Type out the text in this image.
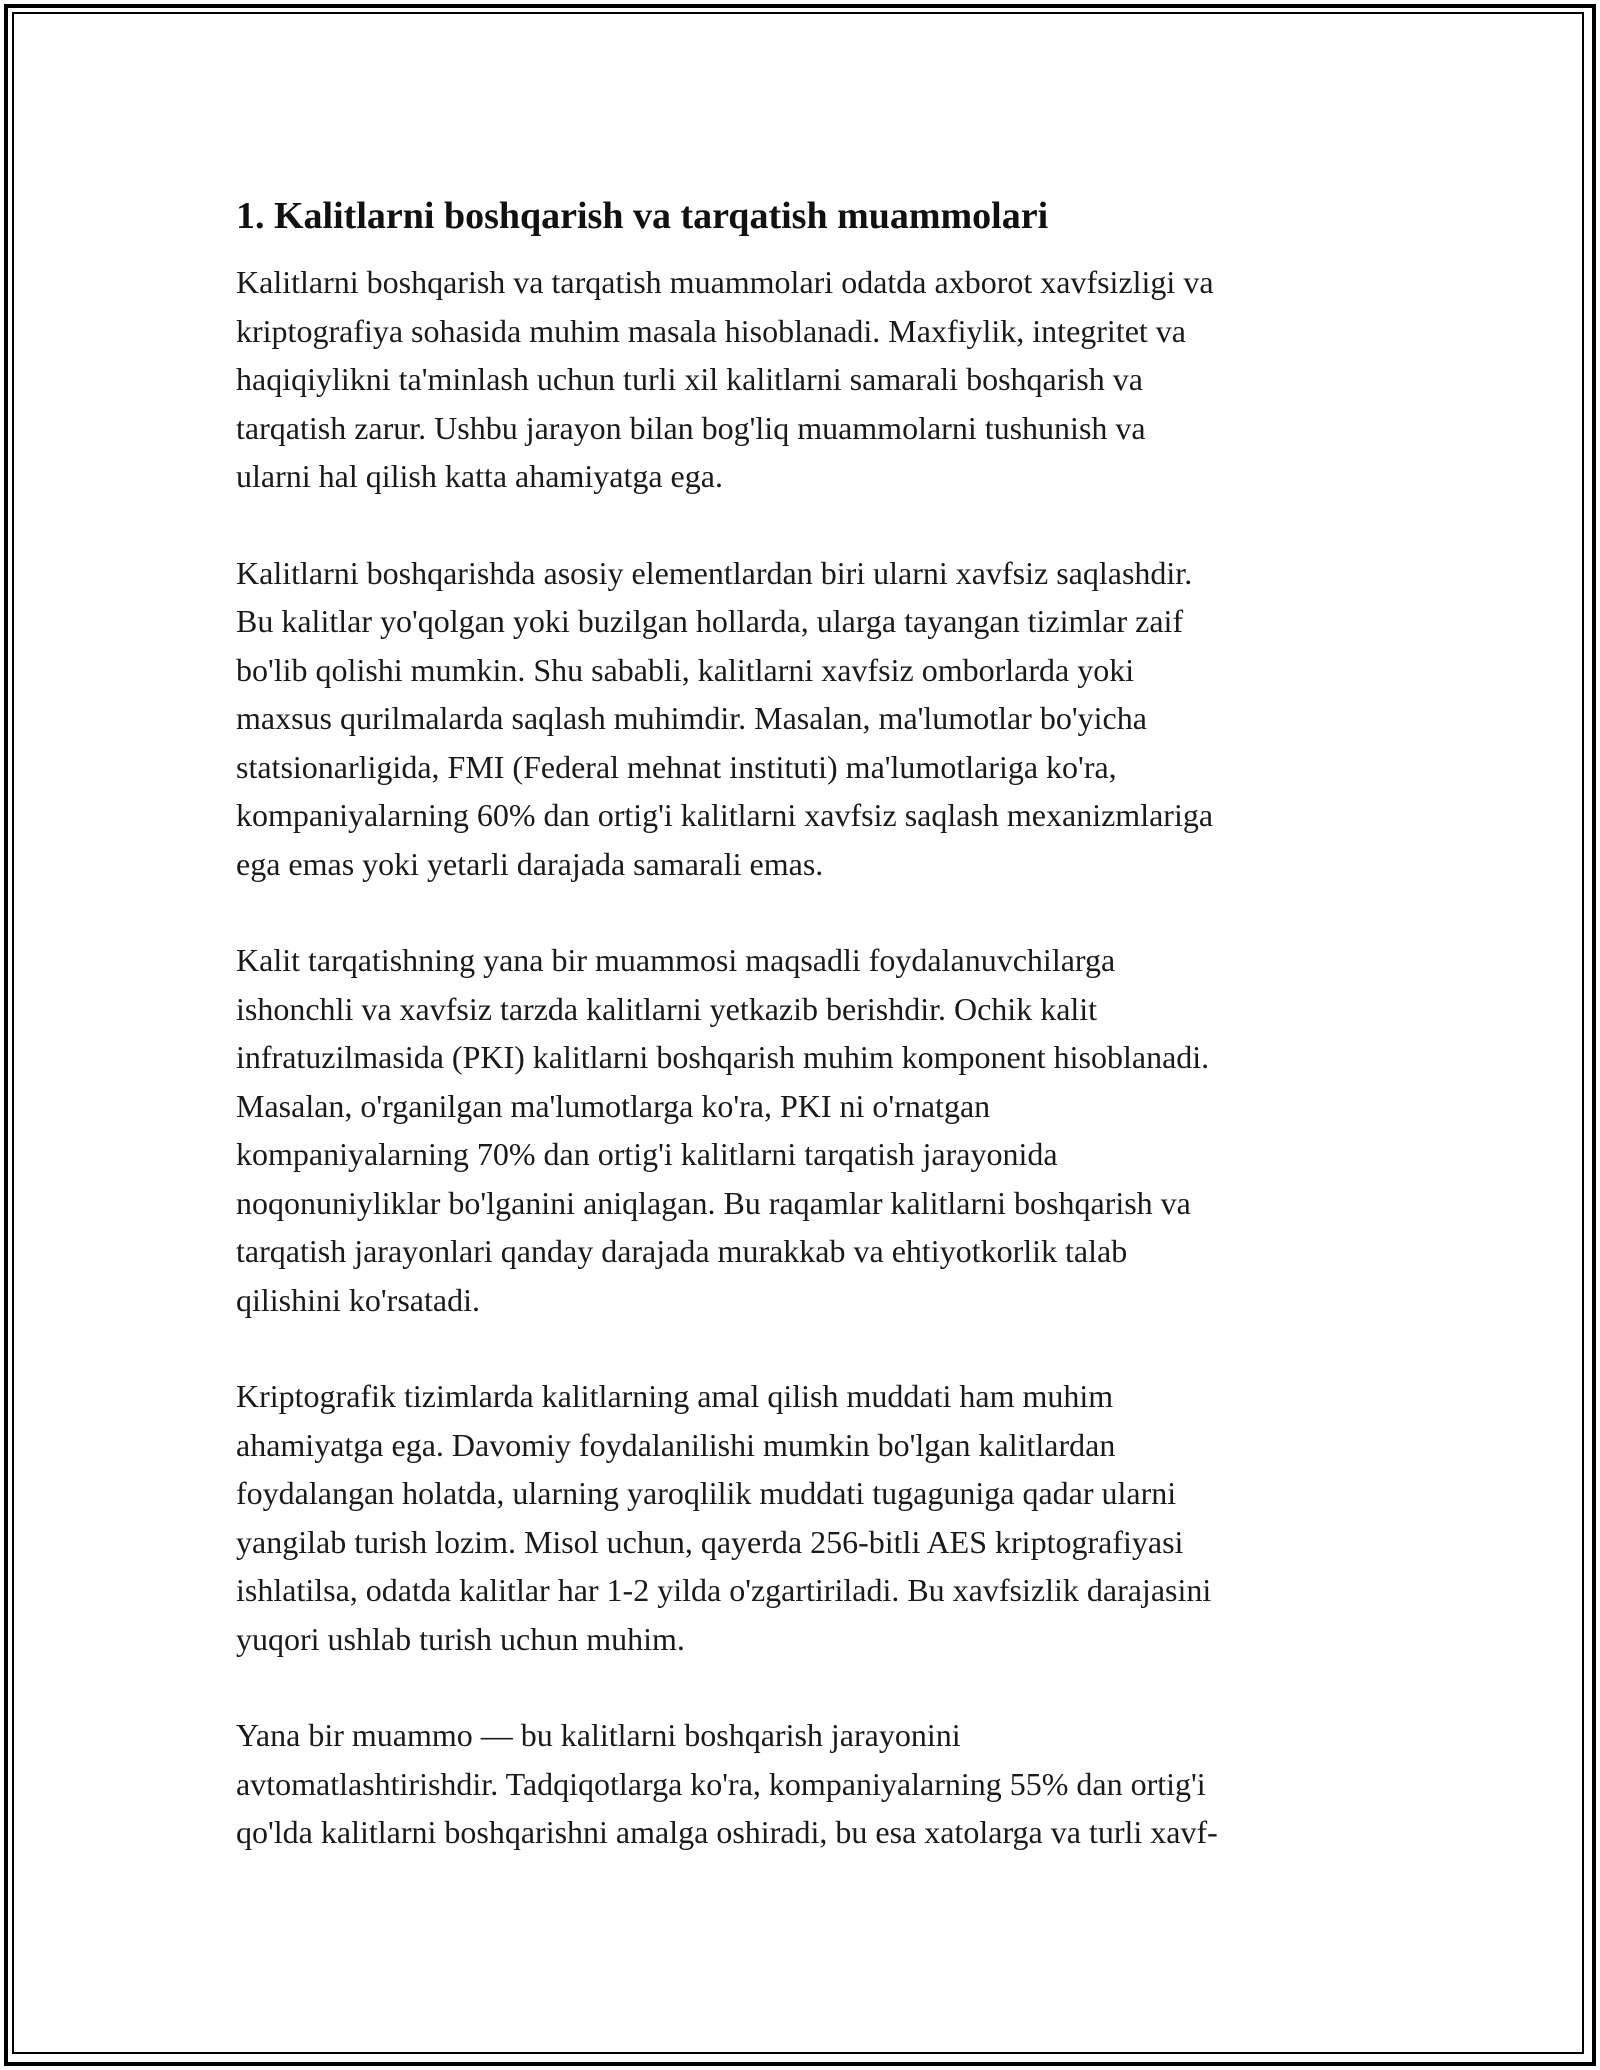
1. Kalitlarni boshqarish va tarqatish muammolari

Kalitlarni boshqarish va tarqatish muammolari odatda axborot xavfsizligi va
kriptografiya sohasida muhim masala hisoblanadi. Maxfiylik, integritet va
haqiqiylikni ta'minlash uchun turli xil kalitlarni samarali boshqarish va
tarqatish zarur. Ushbu jarayon bilan bog'liq muammolarni tushunish va
ularni hal qilish katta ahamiyatga ega.

Kalitlarni boshqarishda asosiy elementlardan biri ularni xavfsiz saqlashdir.
Bu kalitlar yo'qolgan yoki buzilgan hollarda, ularga tayangan tizimlar zaif
bo'lib qolishi mumkin. Shu sababli, kalitlarni xavfsiz omborlarda yoki
maxsus qurilmalarda saqlash muhimdir. Masalan, ma'lumotlar bo'yicha
statsionarligida, FMI (Federal mehnat instituti) ma'lumotlariga ko'ra,
kompaniyalarning 60% dan ortig'i kalitlarni xavfsiz saqlash mexanizmlariga
ega emas yoki yetarli darajada samarali emas.

Kalit tarqatishning yana bir muammosi maqsadli foydalanuvchilarga
ishonchli va xavfsiz tarzda kalitlarni yetkazib berishdir. Ochik kalit
infratuzilmasida (PKI) kalitlarni boshqarish muhim komponent hisoblanadi.
Masalan, o'rganilgan ma'lumotlarga ko'ra, PKI ni o'rnatgan
kompaniyalarning 70% dan ortig'i kalitlarni tarqatish jarayonida
noqonuniyliklar bo'lganini aniqlagan. Bu raqamlar kalitlarni boshqarish va
tarqatish jarayonlari qanday darajada murakkab va ehtiyotkorlik talab
qilishini ko'rsatadi.

Kriptografik tizimlarda kalitlarning amal qilish muddati ham muhim
ahamiyatga ega. Davomiy foydalanilishi mumkin bo'lgan kalitlardan
foydalangan holatda, ularning yaroqlilik muddati tugaguniga qadar ularni
yangilab turish lozim. Misol uchun, qayerda 256-bitli AES kriptografiyasi
ishlatilsa, odatda kalitlar har 1-2 yilda o'zgartiriladi. Bu xavfsizlik darajasini
yuqori ushlab turish uchun muhim.

Yana bir muammo — bu kalitlarni boshqarish jarayonini
avtomatlashtirishdir. Tadqiqotlarga ko'ra, kompaniyalarning 55% dan ortig'i
qo'lda kalitlarni boshqarishni amalga oshiradi, bu esa xatolarga va turli xavf-
